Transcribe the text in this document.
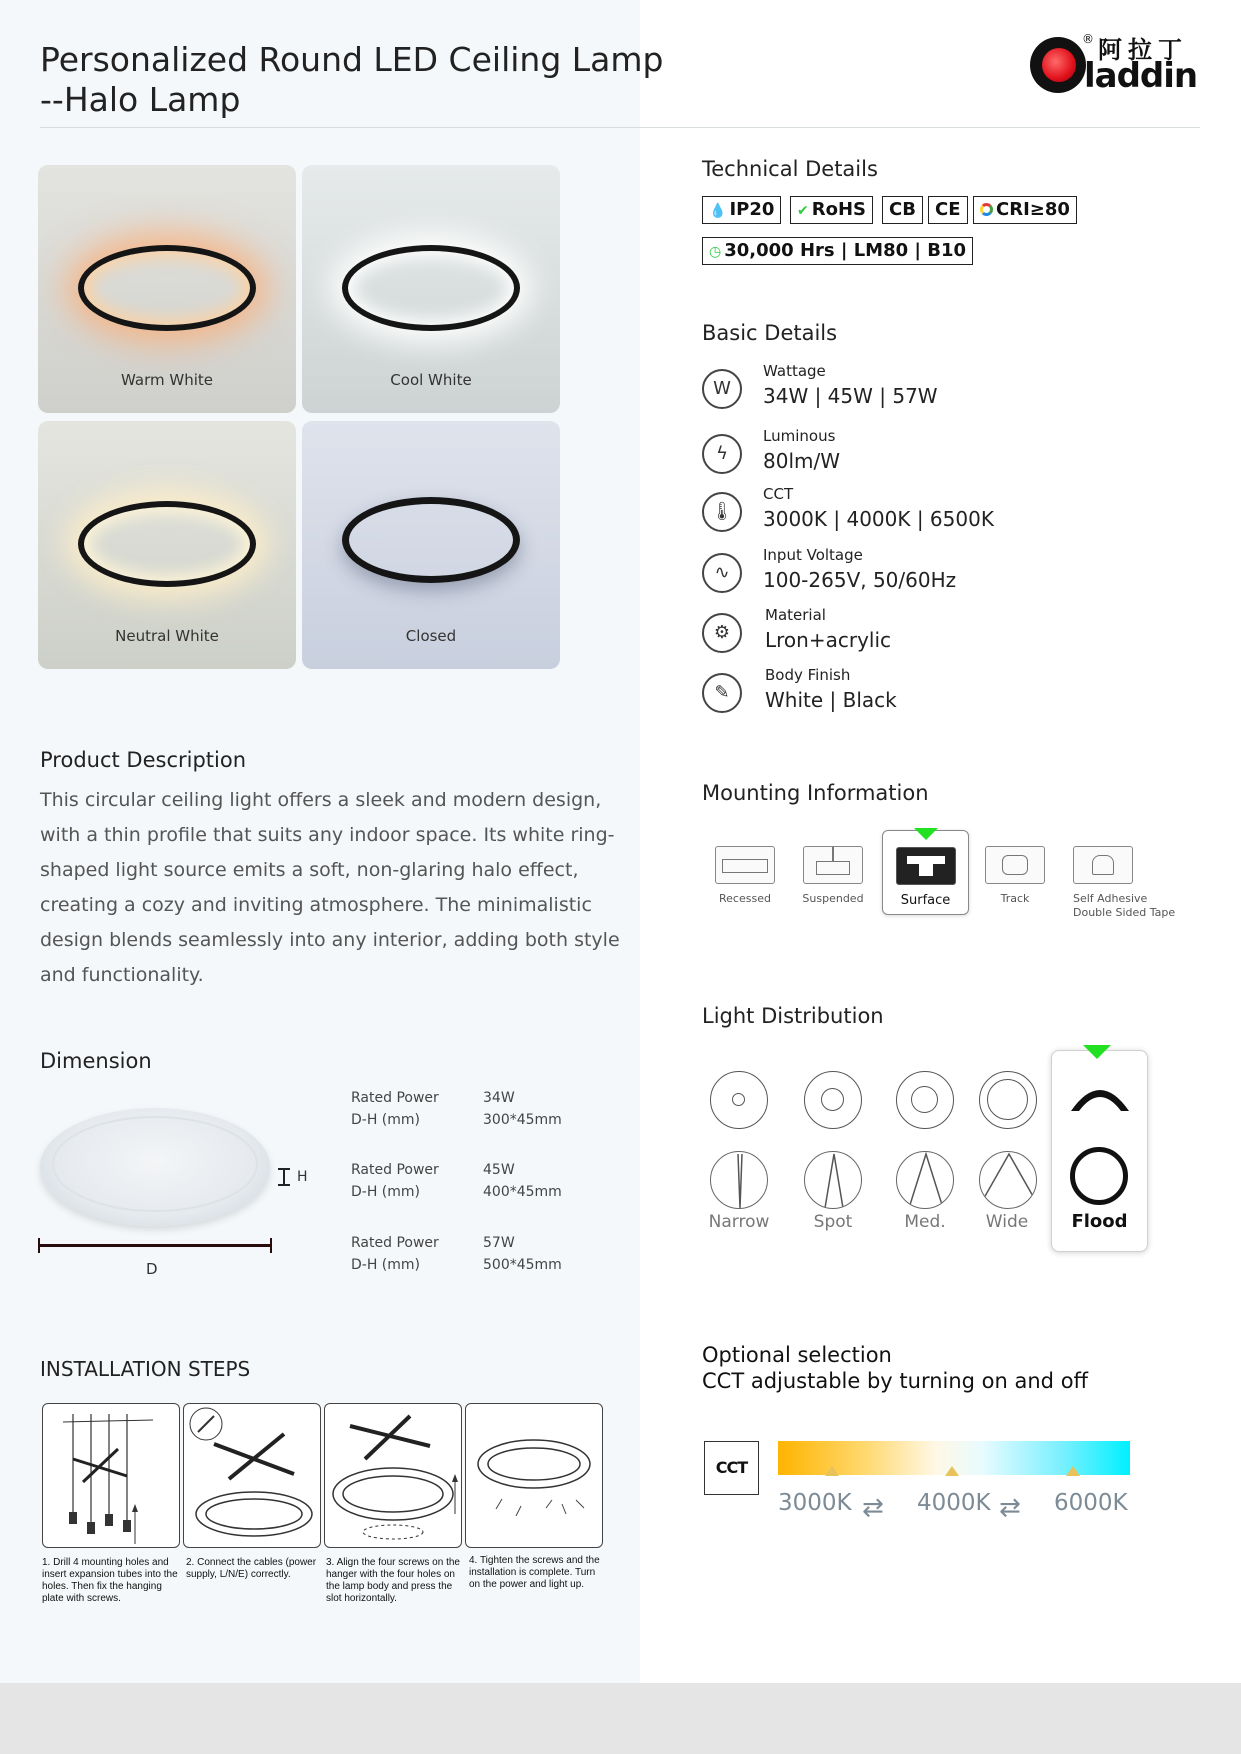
Personalized Round LED Ceiling Lamp
--Halo Lamp
® 阿拉丁
laddin
Warm White	Cool White
Neutral White	Closed
Product Description

This circular ceiling light offers a sleek and modern design, with a thin profile that suits any indoor space. Its white ring-shaped light source emits a soft, non-glaring halo effect, creating a cozy and inviting atmosphere. The minimalistic design blends seamlessly into any interior, adding both style and functionality.

Dimension
H
D
Rated Power	34W
D-H (mm)	300*45mm
Rated Power	45W
D-H (mm)	400*45mm
Rated Power	57W
D-H (mm)	500*45mm
INSTALLATION STEPS
1. Drill 4 mounting holes and insert expansion tubes into the holes. Then fix the hanging plate with screws.
2. Connect the cables (power supply, L/N/E) correctly.
3. Align the four screws on the hanger with the four holes on the lamp body and press the slot horizontally.
4. Tighten the screws and the installation is complete. Turn on the power and light up.
Technical Details
💧 IP20	✔ RoHS	CB	CE	CRI≥80
◷ 30,000 Hrs | LM80 | B10
Basic Details
W
Wattage
34W | 45W | 57W
ϟ
Luminous
80lm/W
🌡
CCT
3000K | 4000K | 6500K
∿
Input Voltage
100-265V, 50/60Hz
⚙
Material
Lron+acrylic
✎
Body Finish
White | Black
Mounting Information
Recessed	Suspended	Surface	Track	Self Adhesive
Double Sided Tape
Light Distribution
Narrow	Spot	Med.	Wide	Flood
Optional selection
CCT adjustable by turning on and off
CCT
3000K ⇄ 4000K ⇄ 6000K
